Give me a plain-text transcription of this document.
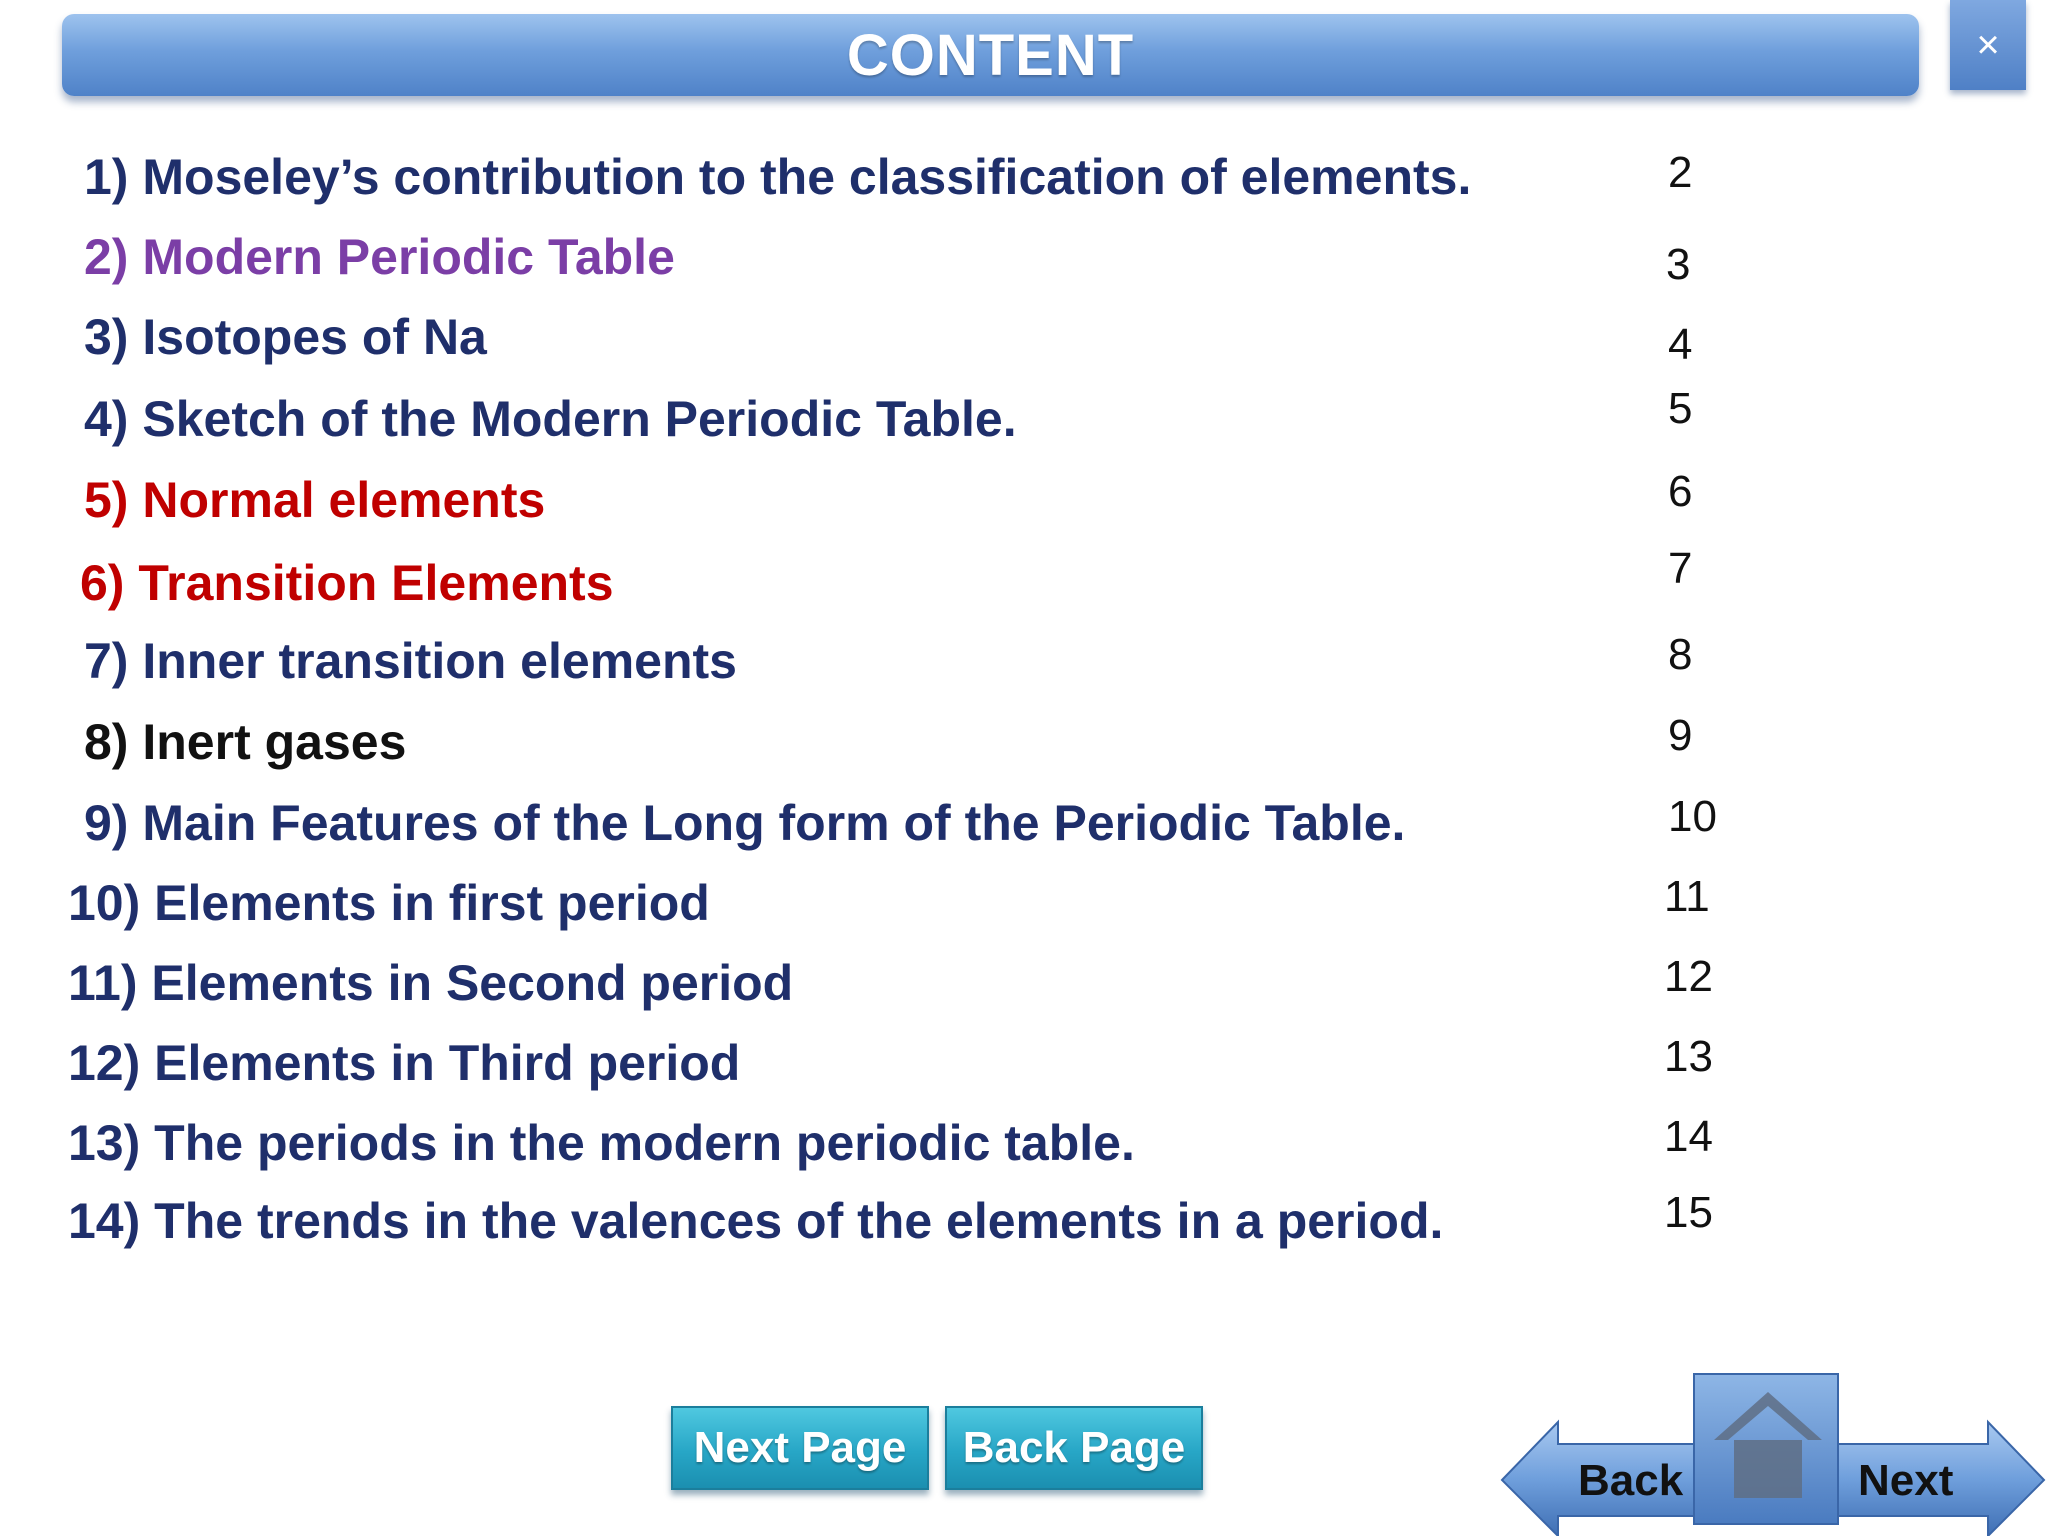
CONTENT	×
1) Moseley’s contribution to the classification of elements.	2
2) Modern Periodic Table	3
3) Isotopes of Na	4
4) Sketch of the Modern Periodic Table.	5
5) Normal elements	6
6) Transition Elements	7
7) Inner transition elements	8
8) Inert gases	9
9) Main Features of the Long form of the Periodic Table.	10
10) Elements in first period	11
11) Elements in Second period	12
12) Elements in Third period	13
13) The periods in the modern periodic table.	14
14) The trends in the valences of the elements in a period.	15
Next Page Back Page
Back	Next
